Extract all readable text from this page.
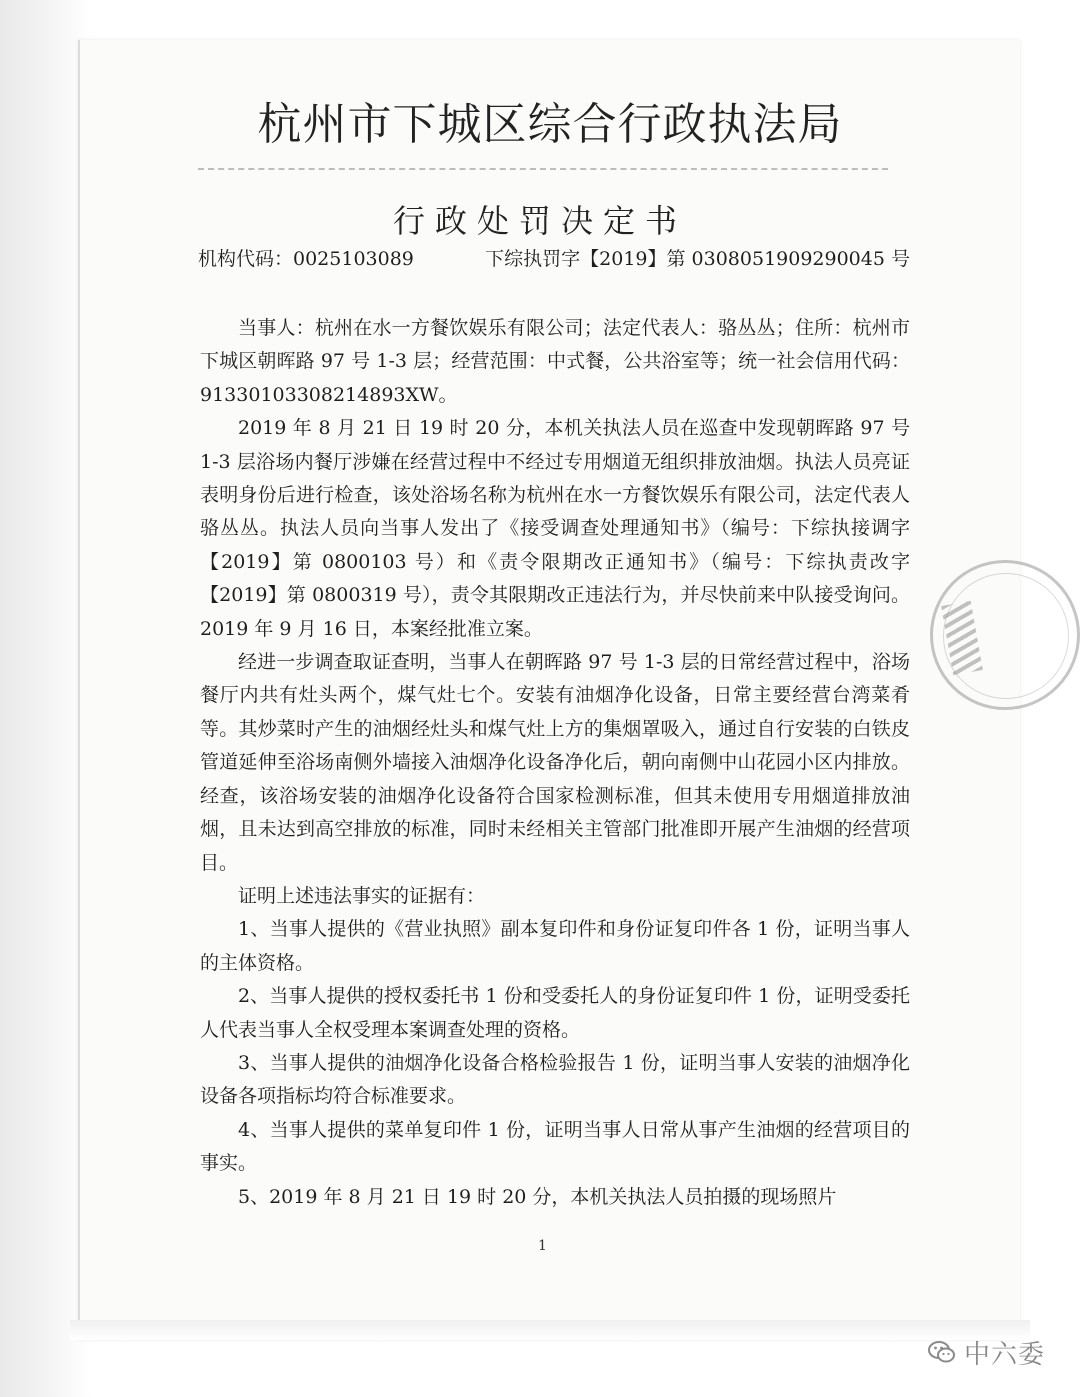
杭州市下城区综合行政执法局
行政处罚决定书
机构代码：0025103089	下综执罚字【2019】第 0308051909290045 号

当事人：杭州在水一方餐饮娱乐有限公司；法定代表人：骆丛丛；住所：杭州市下城区朝晖路 97 号 1-3 层；经营范围：中式餐，公共浴室等；统一社会信用代码：91330103308214893XW。

2019 年 8 月 21 日 19 时 20 分，本机关执法人员在巡查中发现朝晖路 97 号 1-3 层浴场内餐厅涉嫌在经营过程中不经过专用烟道无组织排放油烟。执法人员亮证表明身份后进行检查，该处浴场名称为杭州在水一方餐饮娱乐有限公司，法定代表人骆丛丛。执法人员向当事人发出了《接受调查处理通知书》（编号：下综执接调字【2019】第 0800103 号）和《责令限期改正通知书》（编号：下综执责改字【2019】第 0800319 号），责令其限期改正违法行为，并尽快前来中队接受询问。2019 年 9 月 16 日，本案经批准立案。

经进一步调查取证查明，当事人在朝晖路 97 号 1-3 层的日常经营过程中，浴场餐厅内共有灶头两个，煤气灶七个。安装有油烟净化设备，日常主要经营台湾菜肴等。其炒菜时产生的油烟经灶头和煤气灶上方的集烟罩吸入，通过自行安装的白铁皮管道延伸至浴场南侧外墙接入油烟净化设备净化后，朝向南侧中山花园小区内排放。经查，该浴场安装的油烟净化设备符合国家检测标准，但其未使用专用烟道排放油烟，且未达到高空排放的标准，同时未经相关主管部门批准即开展产生油烟的经营项目。

证明上述违法事实的证据有：

1、当事人提供的《营业执照》副本复印件和身份证复印件各 1 份，证明当事人的主体资格。

2、当事人提供的授权委托书 1 份和受委托人的身份证复印件 1 份，证明受委托人代表当事人全权受理本案调查处理的资格。

3、当事人提供的油烟净化设备合格检验报告 1 份，证明当事人安装的油烟净化设备各项指标均符合标准要求。

4、当事人提供的菜单复印件 1 份，证明当事人日常从事产生油烟的经营项目的事实。

5、2019 年 8 月 21 日 19 时 20 分，本机关执法人员拍摄的现场照片

1
中六委
